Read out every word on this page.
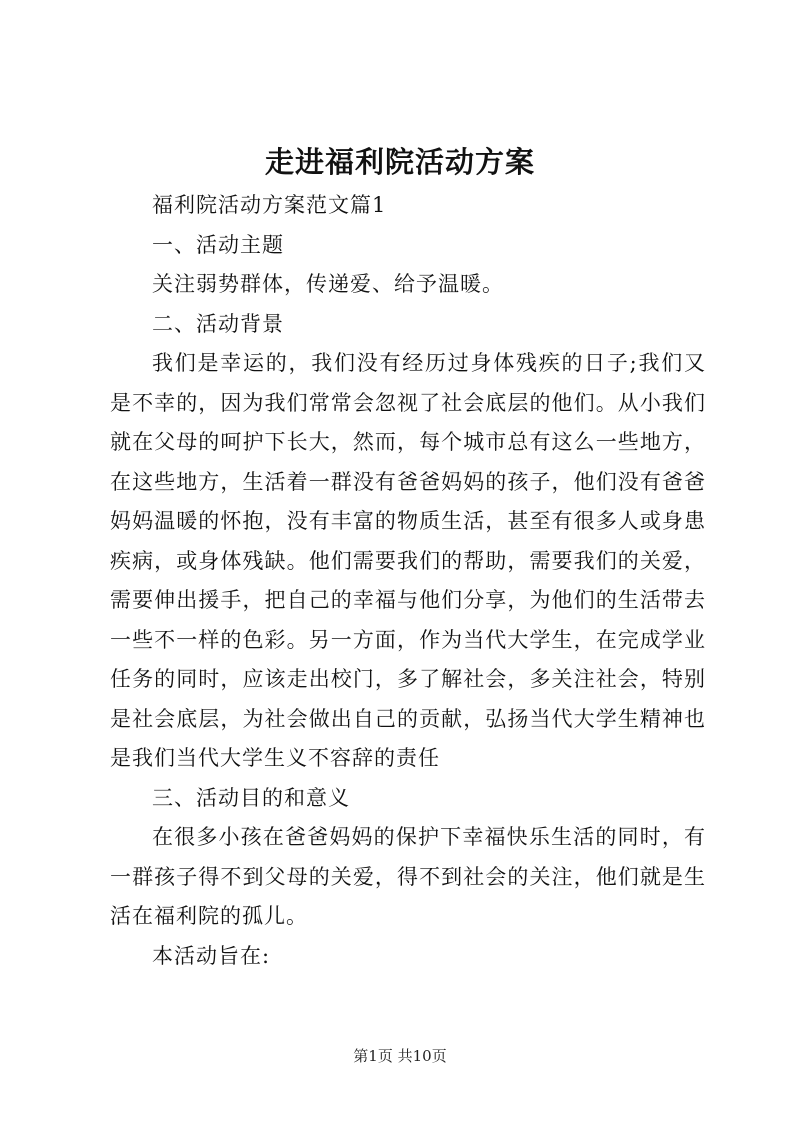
走进福利院活动方案

福利院活动方案范文篇1

一、活动主题

关注弱势群体，传递爱、给予温暖。

二、活动背景

我们是幸运的，我们没有经历过身体残疾的日子;我们又是不幸的，因为我们常常会忽视了社会底层的他们。从小我们就在父母的呵护下长大，然而，每个城市总有这么一些地方，在这些地方，生活着一群没有爸爸妈妈的孩子，他们没有爸爸妈妈温暖的怀抱，没有丰富的物质生活，甚至有很多人或身患疾病，或身体残缺。他们需要我们的帮助，需要我们的关爱，需要伸出援手，把自己的幸福与他们分享，为他们的生活带去一些不一样的色彩。另一方面，作为当代大学生，在完成学业任务的同时，应该走出校门，多了解社会，多关注社会，特别是社会底层，为社会做出自己的贡献，弘扬当代大学生精神也是我们当代大学生义不容辞的责任

三、活动目的和意义

在很多小孩在爸爸妈妈的保护下幸福快乐生活的同时，有一群孩子得不到父母的关爱，得不到社会的关注，他们就是生活在福利院的孤儿。

本活动旨在:

第1页 共10页
